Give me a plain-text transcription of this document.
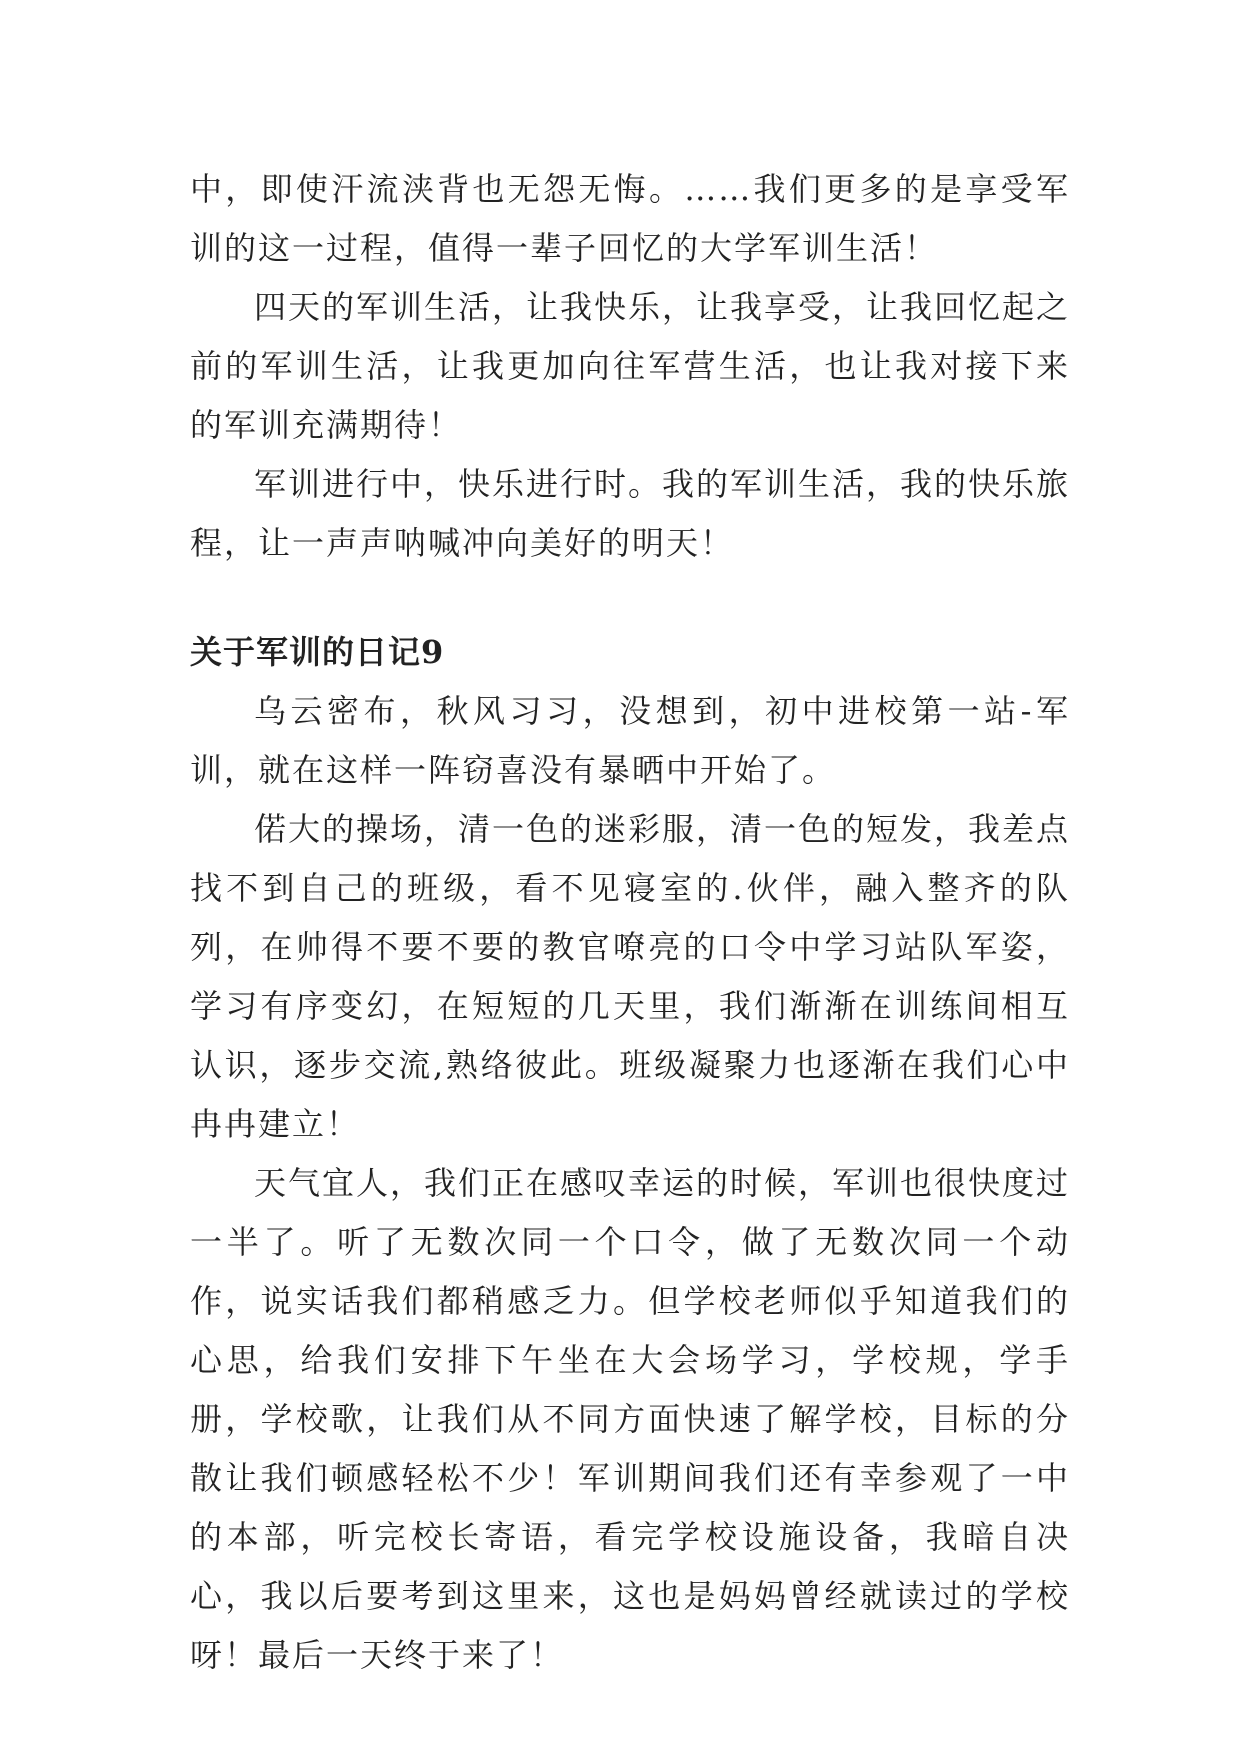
中，即使汗流浃背也无怨无悔。……我们更多的是享受军训的这一过程，值得一辈子回忆的大学军训生活！

四天的军训生活，让我快乐，让我享受，让我回忆起之前的军训生活，让我更加向往军营生活，也让我对接下来的军训充满期待！

军训进行中，快乐进行时。我的军训生活，我的快乐旅程，让一声声呐喊冲向美好的明天！

关于军训的日记9

乌云密布，秋风习习，没想到，初中进校第一站-军训，就在这样一阵窃喜没有暴晒中开始了。

偌大的操场，清一色的迷彩服，清一色的短发，我差点找不到自己的班级，看不见寝室的.伙伴，融入整齐的队列，在帅得不要不要的教官嘹亮的口令中学习站队军姿，学习有序变幻，在短短的几天里，我们渐渐在训练间相互认识，逐步交流,熟络彼此。班级凝聚力也逐渐在我们心中冉冉建立！

天气宜人，我们正在感叹幸运的时候，军训也很快度过一半了。听了无数次同一个口令，做了无数次同一个动作，说实话我们都稍感乏力。但学校老师似乎知道我们的心思，给我们安排下午坐在大会场学习，学校规，学手册，学校歌，让我们从不同方面快速了解学校，目标的分散让我们顿感轻松不少！军训期间我们还有幸参观了一中的本部，听完校长寄语，看完学校设施设备，我暗自决心，我以后要考到这里来，这也是妈妈曾经就读过的学校呀！最后一天终于来了！
